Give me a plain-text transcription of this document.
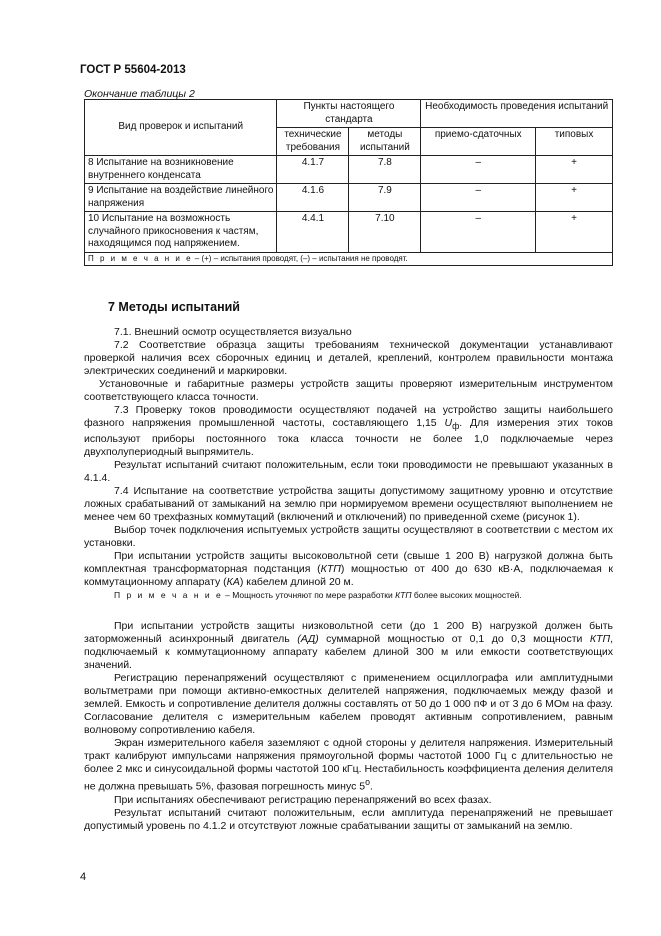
ГОСТ Р 55604-2013
Окончание таблицы 2
Вид проверок и испытаний	Пункты настоящего стандарта		Необходимость проведения испытаний	
	технические требования	методы испытаний	приемо-сдаточных	типовых
8 Испытание на возникновение внутреннего конденсата	4.1.7	7.8	–	+
9 Испытание на воздействие линейного напряжения	4.1.6	7.9	–	+
10 Испытание на возможность случайного прикосновения к частям, находящимся под напряжением.	4.4.1	7.10	–	+
П р и м е ч а н и е – (+) – испытания проводят, (–) – испытания не проводят.				
7 Методы испытаний

7.1. Внешний осмотр осуществляется визуально

7.2 Соответствие образца защиты требованиям технической документации устанавливают проверкой наличия всех сборочных единиц и деталей, креплений, контролем правильности монтажа электрических соединений и маркировки.

Установочные и габаритные размеры устройств защиты проверяют измерительным инструментом соответствующего класса точности.

7.3 Проверку токов проводимости осуществляют подачей на устройство защиты наибольшего фазного напряжения промышленной частоты, составляющего 1,15 $U_ф$. Для измерения этих токов используют приборы постоянного тока класса точности не более 1,0 подключаемые через двухполупериодный выпрямитель.

Результат испытаний считают положительным, если токи проводимости не превышают указанных в 4.1.4.

7.4 Испытание на соответствие устройства защиты допустимому защитному уровню и отсутствие ложных срабатываний от замыканий на землю при нормируемом времени осуществляют выполнением не менее чем 60 трехфазных коммутаций (включений и отключений) по приведенной схеме (рисунок 1).

Выбор точек подключения испытуемых устройств защиты осуществляют в соответствии с местом их установки.

При испытании устройств защиты высоковольтной сети (свыше 1 200 В) нагрузкой должна быть комплектная трансформаторная подстанция (КТП) мощностью от 400 до 630 кВ·А, подключаемая к коммутационному аппарату (КА) кабелем длиной 20 м.

П р и м е ч а н и е – Мощность уточняют по мере разработки КТП более высоких мощностей.

При испытании устройств защиты низковольтной сети (до 1 200 В) нагрузкой должен быть заторможенный асинхронный двигатель (АД) суммарной мощностью от 0,1 до 0,3 мощности КТП, подключаемый к коммутационному аппарату кабелем длиной 300 м или емкости соответствующих значений.

Регистрацию перенапряжений осуществляют с применением осциллографа или амплитудными вольтметрами при помощи активно-емкостных делителей напряжения, подключаемых между фазой и землей. Емкость и сопротивление делителя должны составлять от 50 до 1 000 пФ и от 3 до 6 МОм на фазу. Согласование делителя с измерительным кабелем проводят активным сопротивлением, равным волновому сопротивлению кабеля.

Экран измерительного кабеля заземляют с одной стороны у делителя напряжения. Измерительный тракт калибруют импульсами напряжения прямоугольной формы частотой 1000 Гц с длительностью не более 2 мкс и синусоидальной формы частотой 100 кГц. Нестабильность коэффициента деления делителя не должна превышать 5%, фазовая погрешность минус $5^о$.

При испытаниях обеспечивают регистрацию перенапряжений во всех фазах.

Результат испытаний считают положительным, если амплитуда перенапряжений не превышает допустимый уровень по 4.1.2 и отсутствуют ложные срабатывании защиты от замыканий на землю.

4
